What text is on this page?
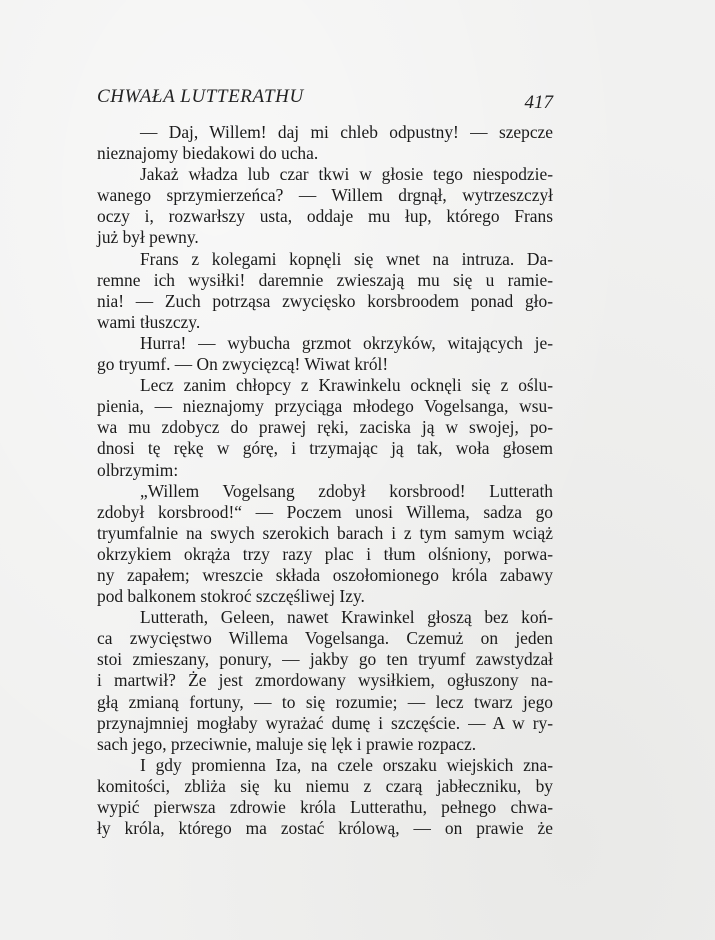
CHWAŁA LUTTERATHU	417
— Daj, Willem! daj mi chleb odpustny! — szepcze
nieznajomy biedakowi do ucha.
Jakaż władza lub czar tkwi w głosie tego niespodzie-
wanego sprzymierzeńca? — Willem drgnął, wytrzeszczył
oczy i, rozwarłszy usta, oddaje mu łup, którego Frans
już był pewny.
Frans z kolegami kopnęli się wnet na intruza. Da-
remne ich wysiłki! daremnie zwieszają mu się u ramie-
nia! — Zuch potrząsa zwycięsko korsbroodem ponad gło-
wami tłuszczy.
Hurra! — wybucha grzmot okrzyków, witających je-
go tryumf. — On zwycięzcą! Wiwat król!
Lecz zanim chłopcy z Krawinkelu ocknęli się z oślu-
pienia, — nieznajomy przyciąga młodego Vogelsanga, wsu-
wa mu zdobycz do prawej ręki, zaciska ją w swojej, po-
dnosi tę rękę w górę, i trzymając ją tak, woła głosem
olbrzymim:
„Willem Vogelsang zdobył korsbrood! Lutterath
zdobył korsbrood!“ — Poczem unosi Willema, sadza go
tryumfalnie na swych szerokich barach i z tym samym wciąż
okrzykiem okrąża trzy razy plac i tłum olśniony, porwa-
ny zapałem; wreszcie składa oszołomionego króla zabawy
pod balkonem stokroć szczęśliwej Izy.
Lutterath, Geleen, nawet Krawinkel głoszą bez koń-
ca zwycięstwo Willema Vogelsanga. Czemuż on jeden
stoi zmieszany, ponury, — jakby go ten tryumf zawstydzał
i martwił? Że jest zmordowany wysiłkiem, ogłuszony na-
głą zmianą fortuny, — to się rozumie; — lecz twarz jego
przynajmniej mogłaby wyrażać dumę i szczęście. — A w ry-
sach jego, przeciwnie, maluje się lęk i prawie rozpacz.
I gdy promienna Iza, na czele orszaku wiejskich zna-
komitości, zbliża się ku niemu z czarą jabłeczniku, by
wypić pierwsza zdrowie króla Lutterathu, pełnego chwa-
ły króla, którego ma zostać królową, — on prawie że
